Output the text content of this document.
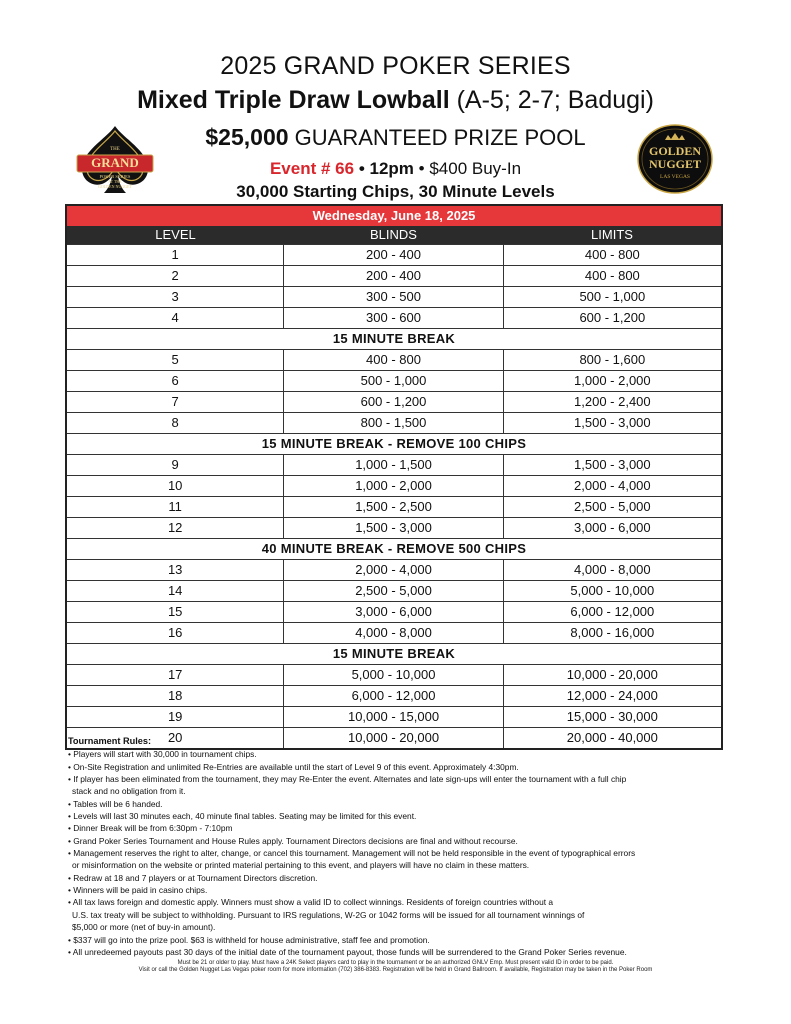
2025 GRAND POKER SERIES
Mixed Triple Draw Lowball (A-5; 2-7; Badugi)
$25,000 GUARANTEED PRIZE POOL
Event # 66 • 12pm • $400 Buy-In
30,000 Starting Chips, 30 Minute Levels
THE
GRAND
POKER SERIES
AT THE
GOLDEN NUGGET
GOLDEN
NUGGET
LAS VEGAS
Wednesday, June 18, 2025
LEVEL	BLINDS	LIMITS
1	200 - 400	400 - 800
2	200 - 400	400 - 800
3	300 - 500	500 - 1,000
4	300 - 600	600 - 1,200
15 MINUTE BREAK
5	400 - 800	800 - 1,600
6	500 - 1,000	1,000 - 2,000
7	600 - 1,200	1,200 - 2,400
8	800 - 1,500	1,500 - 3,000
15 MINUTE BREAK - REMOVE 100 CHIPS
9	1,000 - 1,500	1,500 - 3,000
10	1,000 - 2,000	2,000 - 4,000
11	1,500 - 2,500	2,500 - 5,000
12	1,500 - 3,000	3,000 - 6,000
40 MINUTE BREAK - REMOVE 500 CHIPS
13	2,000 - 4,000	4,000 - 8,000
14	2,500 - 5,000	5,000 - 10,000
15	3,000 - 6,000	6,000 - 12,000
16	4,000 - 8,000	8,000 - 16,000
15 MINUTE BREAK
17	5,000 - 10,000	10,000 - 20,000
18	6,000 - 12,000	12,000 - 24,000
19	10,000 - 15,000	15,000 - 30,000
20	10,000 - 20,000	20,000 - 40,000
Tournament Rules:
• Players will start with 30,000 in tournament chips.
• On-Site Registration and unlimited Re-Entries are available until the start of Level 9 of this event. Approximately 4:30pm.
• If player has been eliminated from the tournament, they may Re-Enter the event. Alternates and late sign-ups will enter the tournament with a full chip
stack and no obligation from it.
• Tables will be 6 handed.
• Levels will last 30 minutes each, 40 minute final tables. Seating may be limited for this event.
• Dinner Break will be from 6:30pm - 7:10pm
• Grand Poker Series Tournament and House Rules apply. Tournament Directors decisions are final and without recourse.
• Management reserves the right to alter, change, or cancel this tournament. Management will not be held responsible in the event of typographical errors
or misinformation on the website or printed material pertaining to this event, and players will have no claim in these matters.
• Redraw at 18 and 7 players or at Tournament Directors discretion.
• Winners will be paid in casino chips.
• All tax laws foreign and domestic apply. Winners must show a valid ID to collect winnings. Residents of foreign countries without a
U.S. tax treaty will be subject to withholding. Pursuant to IRS regulations, W-2G or 1042 forms will be issued for all tournament winnings of
$5,000 or more (net of buy-in amount).
• $337 will go into the prize pool. $63 is withheld for house administrative, staff fee and promotion.
• All unredeemed payouts past 30 days of the initial date of the tournament payout, those funds will be surrendered to the Grand Poker Series revenue.
Must be 21 or older to play. Must have a 24K Select players card to play in the tournament or be an authorized GNLV Emp. Must present valid ID in order to be paid.
Visit or call the Golden Nugget Las Vegas poker room for more information (702) 386-8383. Registration will be held in Grand Ballroom. If available, Registration may be taken in the Poker Room
